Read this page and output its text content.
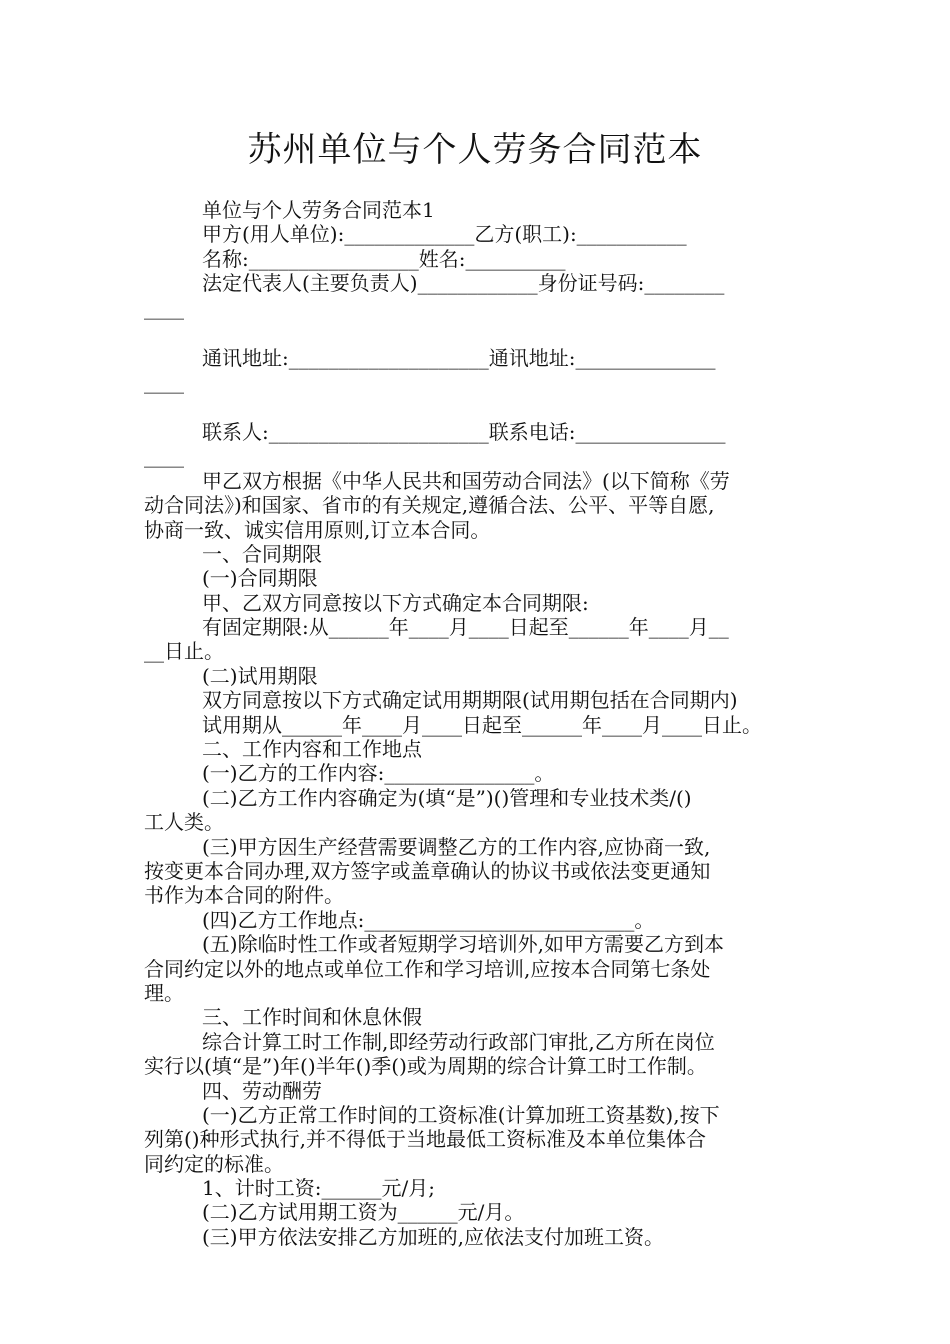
苏州单位与个人劳务合同范本
单位与个人劳务合同范本1
甲方(用人单位):_____________乙方(职工):___________
名称:_________________姓名:__________
法定代表人(主要负责人)____________身份证号码:________
____
通讯地址:____________________通讯地址:______________
____
联系人:______________________联系电话:_______________
____
甲乙双方根据《中华人民共和国劳动合同法》(以下简称《劳
动合同法》)和国家、省市的有关规定,遵循合法、公平、平等自愿,
协商一致、诚实信用原则,订立本合同。
一、合同期限
(一)合同期限
甲、乙双方同意按以下方式确定本合同期限:
有固定期限:从______年____月____日起至______年____月__
__日止。
(二)试用期限
双方同意按以下方式确定试用期期限(试用期包括在合同期内)
试用期从______年____月____日起至______年____月____日止。
二、工作内容和工作地点
(一)乙方的工作内容:_______________。
(二)乙方工作内容确定为(填“是”)()管理和专业技术类/()
工人类。
(三)甲方因生产经营需要调整乙方的工作内容,应协商一致,
按变更本合同办理,双方签字或盖章确认的协议书或依法变更通知
书作为本合同的附件。
(四)乙方工作地点:___________________________。
(五)除临时性工作或者短期学习培训外,如甲方需要乙方到本
合同约定以外的地点或单位工作和学习培训,应按本合同第七条处
理。
三、工作时间和休息休假
综合计算工时工作制,即经劳动行政部门审批,乙方所在岗位
实行以(填“是”)年()半年()季()或为周期的综合计算工时工作制。
四、劳动酬劳
(一)乙方正常工作时间的工资标准(计算加班工资基数),按下
列第()种形式执行,并不得低于当地最低工资标准及本单位集体合
同约定的标准。
1、计时工资:______元/月;
(二)乙方试用期工资为______元/月。
(三)甲方依法安排乙方加班的,应依法支付加班工资。
